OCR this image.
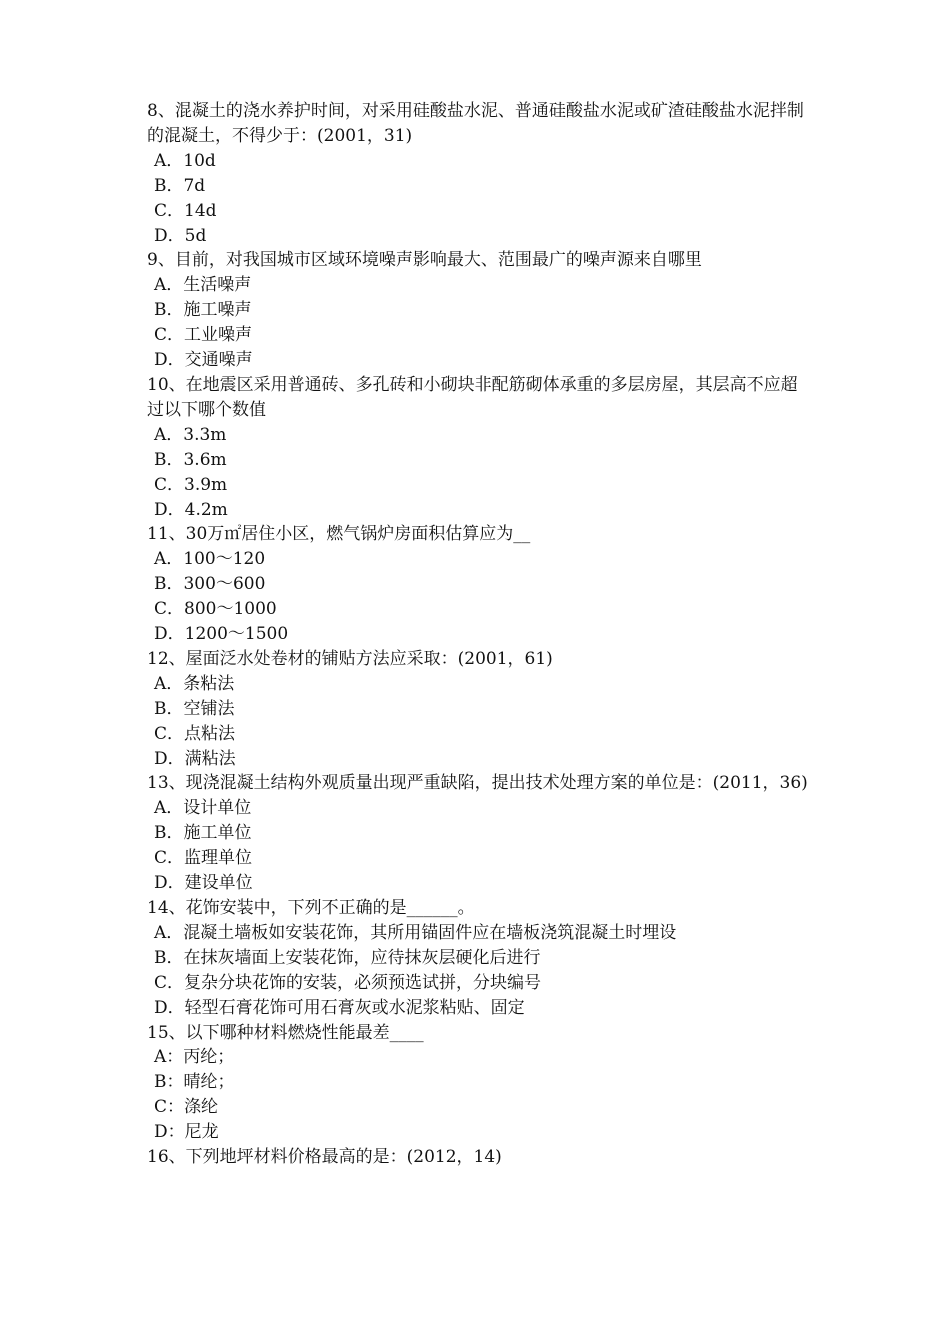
8、混凝土的浇水养护时间，对采用硅酸盐水泥、普通硅酸盐水泥或矿渣硅酸盐水泥拌制的混凝土，不得少于：(2001，31)
A．10d
B．7d
C．14d
D．5d
9、目前，对我国城市区域环境噪声影响最大、范围最广的噪声源来自哪里
A．生活噪声
B．施工噪声
C．工业噪声
D．交通噪声
10、在地震区采用普通砖、多孔砖和小砌块非配筋砌体承重的多层房屋，其层高不应超过以下哪个数值
A．3.3m
B．3.6m
C．3.9m
D．4.2m
11、30万㎡居住小区，燃气锅炉房面积估算应为__
A．100～120
B．300～600
C．800～1000
D．1200～1500
12、屋面泛水处卷材的铺贴方法应采取：(2001，61)
A．条粘法
B．空铺法
C．点粘法
D．满粘法
13、现浇混凝土结构外观质量出现严重缺陷，提出技术处理方案的单位是：(2011，36)
A．设计单位
B．施工单位
C．监理单位
D．建设单位
14、花饰安装中，下列不正确的是______。
A．混凝土墙板如安装花饰，其所用锚固件应在墙板浇筑混凝土时埋设
B．在抹灰墙面上安装花饰，应待抹灰层硬化后进行
C．复杂分块花饰的安装，必须预选试拼，分块编号
D．轻型石膏花饰可用石膏灰或水泥浆粘贴、固定
15、以下哪种材料燃烧性能最差____
A：丙纶；
B：晴纶；
C：涤纶
D：尼龙
16、下列地坪材料价格最高的是：(2012，14)
